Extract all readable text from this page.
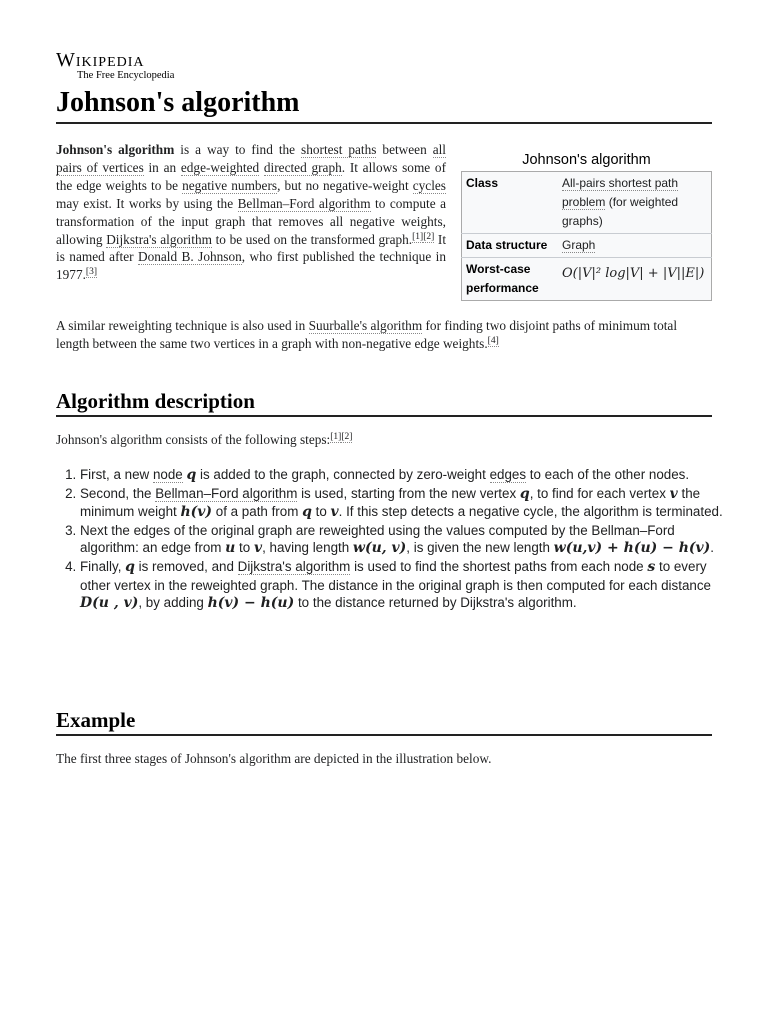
Wikipedia
The Free Encyclopedia
Johnson's algorithm
Johnson's algorithm is a way to find the shortest paths between all pairs of vertices in an edge-weighted directed graph. It allows some of the edge weights to be negative numbers, but no negative-weight cycles may exist. It works by using the Bellman–Ford algorithm to compute a transformation of the input graph that removes all negative weights, allowing Dijkstra's algorithm to be used on the transformed graph.[1][2] It is named after Donald B. Johnson, who first published the technique in 1977.[3]
Johnson's algorithm
Class	All-pairs shortest path problem (for weighted graphs)
Data structure	Graph
Worst-case performance	O(|V|² log|V| + |V||E|)
A similar reweighting technique is also used in Suurballe's algorithm for finding two disjoint paths of minimum total length between the same two vertices in a graph with non-negative edge weights.[4]
Algorithm description
Johnson's algorithm consists of the following steps:[1][2]
1. First, a new node q is added to the graph, connected by zero-weight edges to each of the other nodes.
2. Second, the Bellman–Ford algorithm is used, starting from the new vertex q, to find for each vertex v the minimum weight h(v) of a path from q to v. If this step detects a negative cycle, the algorithm is terminated.
3. Next the edges of the original graph are reweighted using the values computed by the Bellman–Ford algorithm: an edge from u to v, having length w(u, v), is given the new length w(u,v) + h(u) − h(v).
4. Finally, q is removed, and Dijkstra's algorithm is used to find the shortest paths from each node s to every other vertex in the reweighted graph. The distance in the original graph is then computed for each distance D(u , v), by adding h(v) − h(u) to the distance returned by Dijkstra's algorithm.
Example
The first three stages of Johnson's algorithm are depicted in the illustration below.
